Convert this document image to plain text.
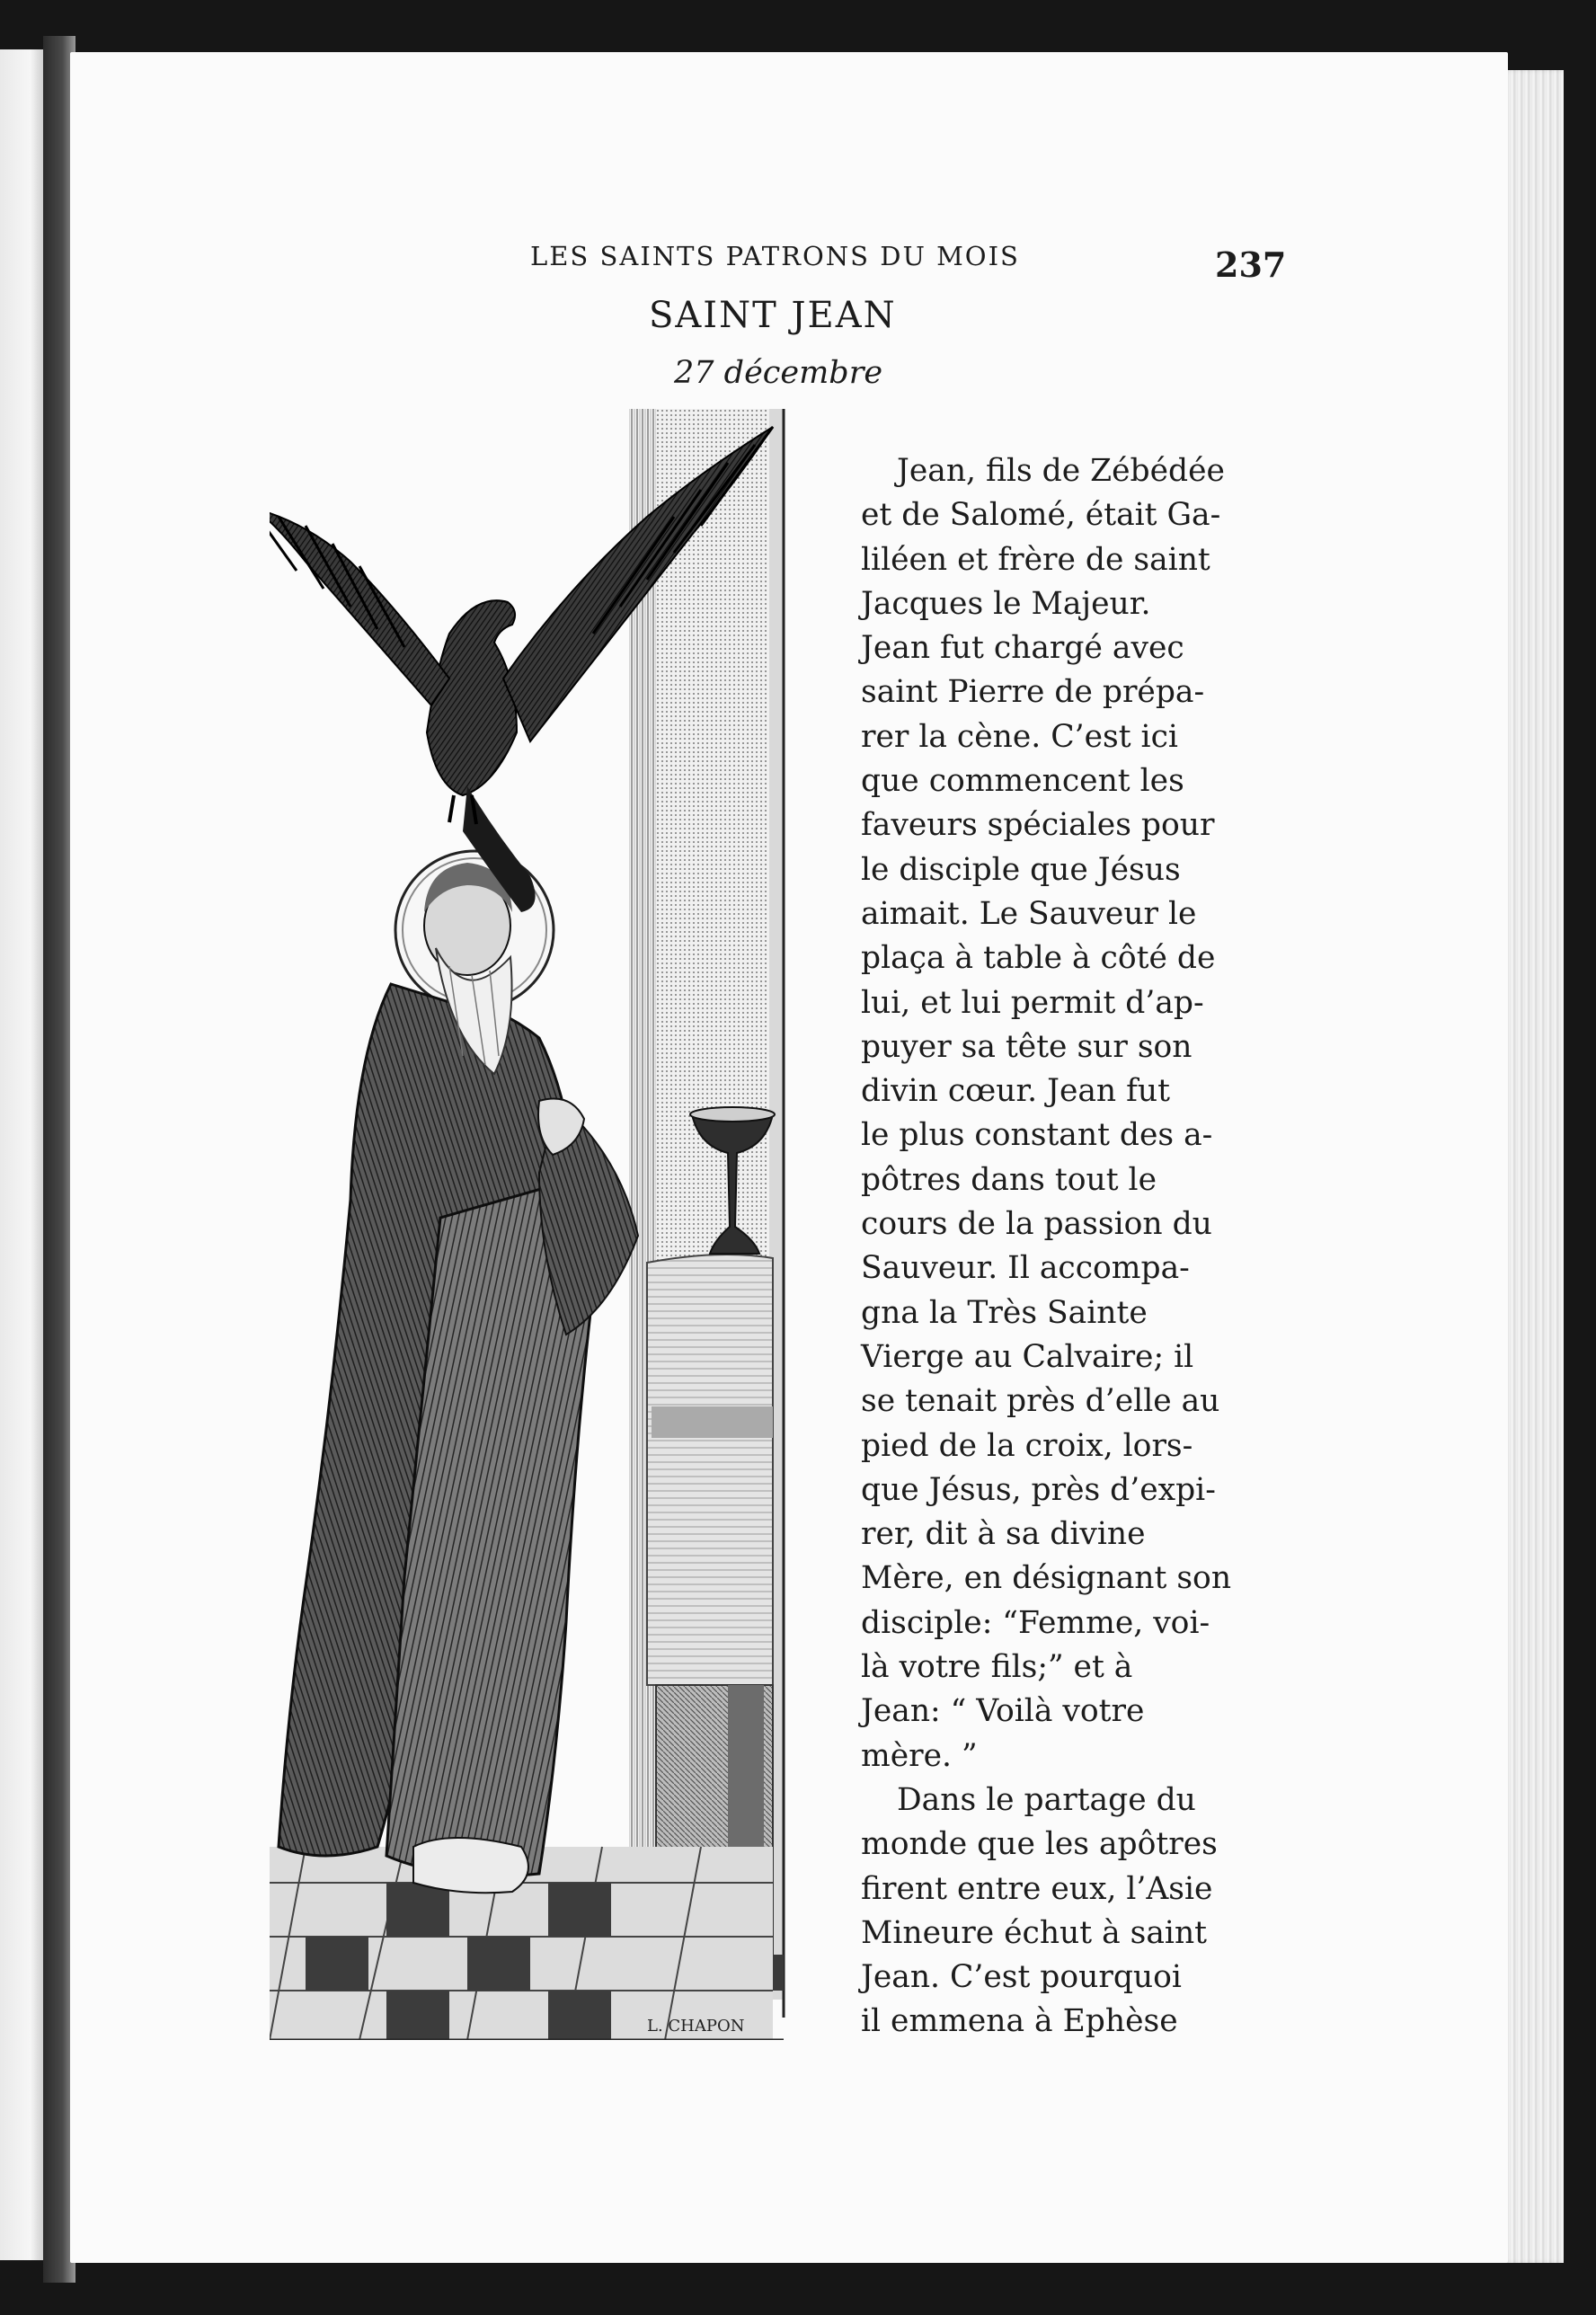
LES SAINTS PATRONS DU MOIS	237
SAINT JEAN
27 décembre
L. CHAPON
Jean, fils de Zébédée
et de Salomé, était Ga-
liléen et frère de saint
Jacques le Majeur.
Jean fut chargé avec
saint Pierre de prépa-
rer la cène. C’est ici
que commencent les
faveurs spéciales pour
le disciple que Jésus
aimait. Le Sauveur le
plaça à table à côté de
lui, et lui permit d’ap-
puyer sa tête sur son
divin cœur. Jean fut
le plus constant des a-
pôtres dans tout le
cours de la passion du
Sauveur. Il accompa-
gna la Très Sainte
Vierge au Calvaire; il
se tenait près d’elle au
pied de la croix, lors-
que Jésus, près d’expi-
rer, dit à sa divine
Mère, en désignant son
disciple: “Femme, voi-
là votre fils;” et à
Jean: “ Voilà votre
mère. ”
Dans le partage du
monde que les apôtres
firent entre eux, l’Asie
Mineure échut à saint
Jean. C’est pourquoi
il emmena à Ephèse
